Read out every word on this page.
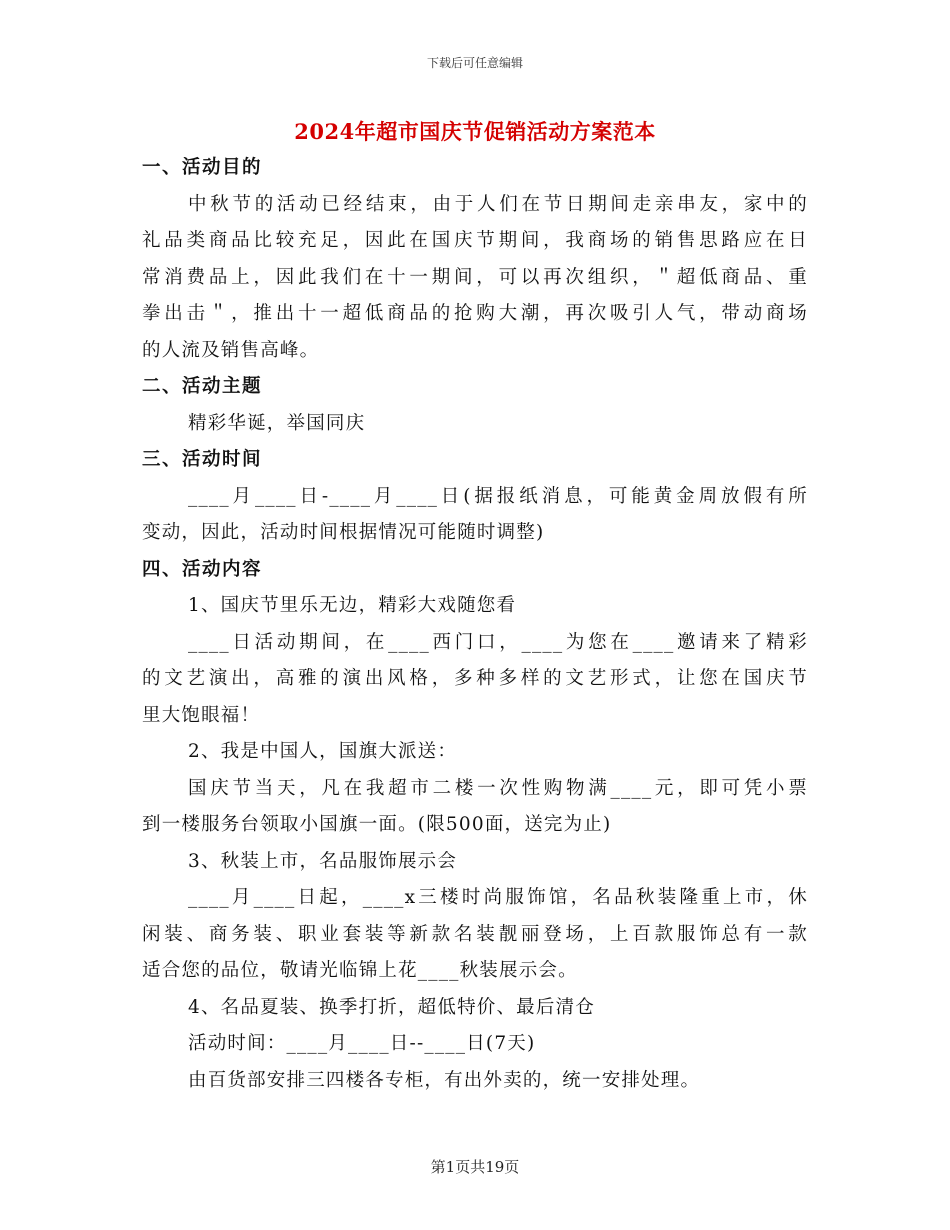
下载后可任意编辑
2024年超市国庆节促销活动方案范本
一、活动目的
中秋节的活动已经结束，由于人们在节日期间走亲串友，家中的
礼品类商品比较充足，因此在国庆节期间，我商场的销售思路应在日
常消费品上，因此我们在十一期间，可以再次组织，＂超低商品、重
拳出击＂，推出十一超低商品的抢购大潮，再次吸引人气，带动商场
的人流及销售高峰。
二、活动主题
精彩华诞，举国同庆
三、活动时间
____月____日-____月____日(据报纸消息，可能黄金周放假有所
变动，因此，活动时间根据情况可能随时调整)
四、活动内容
1、国庆节里乐无边，精彩大戏随您看
____日活动期间，在____西门口，____为您在____邀请来了精彩
的文艺演出，高雅的演出风格，多种多样的文艺形式，让您在国庆节
里大饱眼福！
2、我是中国人，国旗大派送：
国庆节当天，凡在我超市二楼一次性购物满____元，即可凭小票
到一楼服务台领取小国旗一面。(限500面，送完为止)
3、秋装上市，名品服饰展示会
____月____日起，____x三楼时尚服饰馆，名品秋装隆重上市，休
闲装、商务装、职业套装等新款名装靓丽登场，上百款服饰总有一款
适合您的品位，敬请光临锦上花____秋装展示会。
4、名品夏装、换季打折，超低特价、最后清仓
活动时间：____月____日--____日(7天)
由百货部安排三四楼各专柜，有出外卖的，统一安排处理。
第1页共19页
